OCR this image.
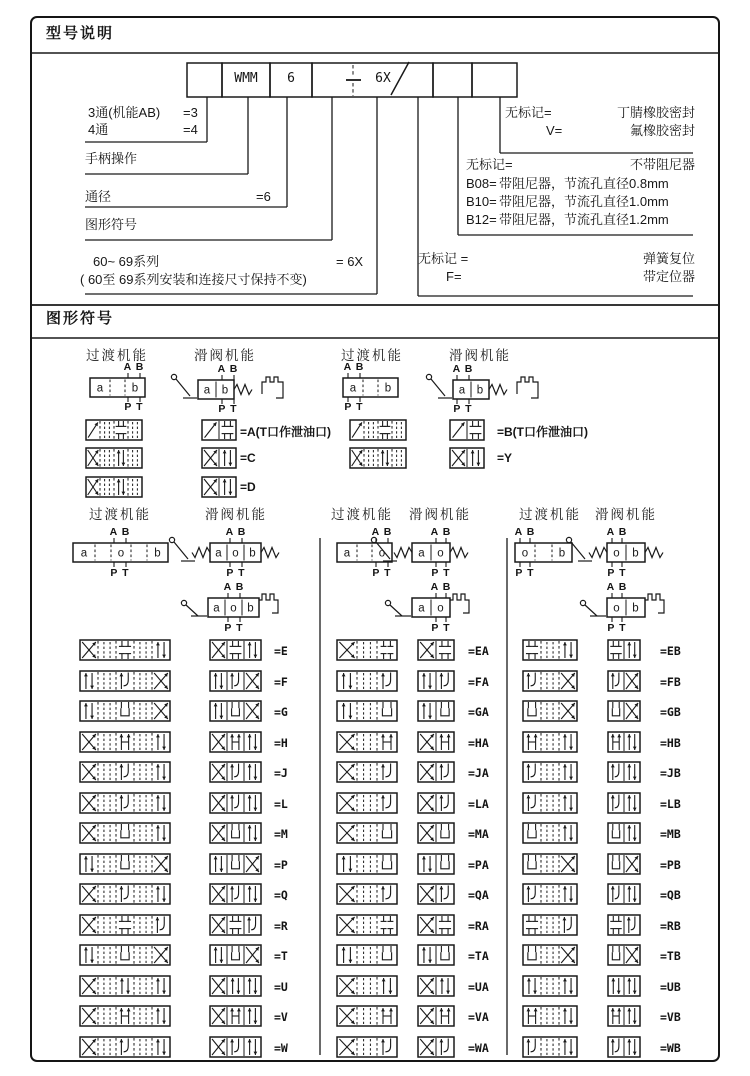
a b	a b	a b	a b
a	o	b	a o b
a o b
a o	a o
a o
o	b	o b
o b
型号说明
WMM	6	6X
3通(机能AB) =3
4通	=4
手柄操作
通径	=6
图形符号
60~ 69系列	= 6X
( 60至 69系列安装和连接尺寸保持不变)
无标记=	丁腈橡胶密封
V=	氟橡胶密封
无标记=	不带阻尼器
B08= 带阻尼器，节流孔直径0.8mm
B10= 带阻尼器，节流孔直径1.0mm
B12= 带阻尼器，节流孔直径1.2mm
无标记 =	弹簧复位
F=	带定位器
图形符号
过渡机能	滑阀机能	过渡机能	滑阀机能
过渡机能	滑阀机能	过渡机能 滑阀机能	过渡机能 滑阀机能
=A(T口作泄油口)	=B(T口作泄油口)
=C	=Y
=D
A B
P T
A B
P T
A B
P T
A B
P T
A B
P T
A B
P T
A B
P T
A B
P T
A B
P T
A B
P T
A B
P T
A B
P T
A B
P T
=E	=EA	=EB
=F	=FA	=FB
=G	=GA	=GB
=H	=HA	=HB
=J	=JA	=JB
=L	=LA	=LB
=M	=MA	=MB
=P	=PA	=PB
=Q	=QA	=QB
=R	=RA	=RB
=T	=TA	=TB
=U	=UA	=UB
=V	=VA	=VB
=W	=WA	=WB
